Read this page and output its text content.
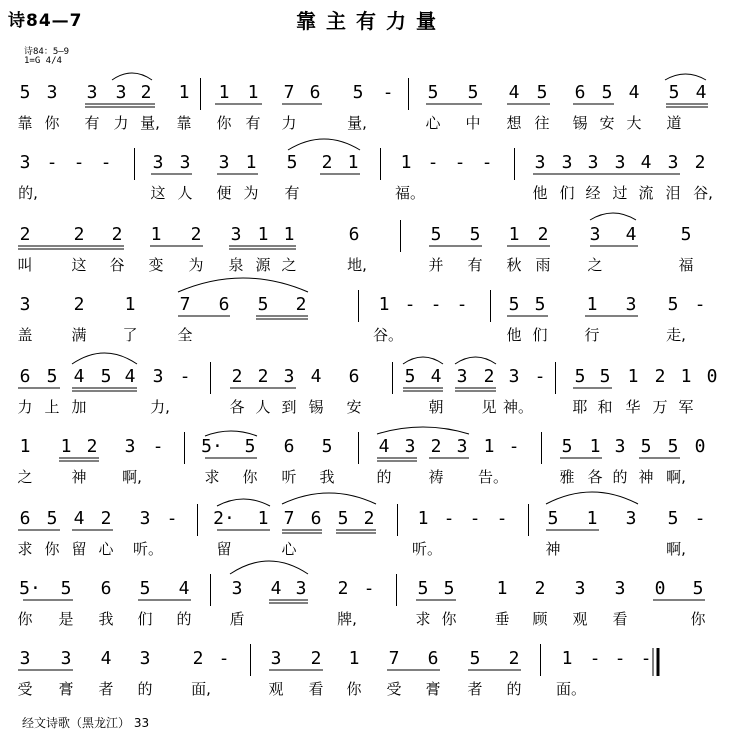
诗84—7	靠主有力量
诗84：5—9
1=G 4/4
5 3 3 3 2 1 1 1 7 6 5 - 5 5 4 5 6 5 4 5 4
靠 你 有 力 量, 靠 你 有 力	量,	心 中 想 往 锡 安 大 道
3 - - - 3 3 3 1 5 2 1 1 - - - 3 3 3 3 4 3 2
的,	这 人 便 为 有	福。	他 们 经 过 流 泪 谷,
2 2 2 1 2 3 1 1	6	5 5 1 2 3 4 5
叫	这 谷 变 为 泉 源 之	地,	并 有 秋 雨 之	福
3 2 1 7 6 5 2	1 - - - 5 5 1 3 5 -
盖	满 了	全	谷。	他 们 行	走,
6 5 4 5 4 3 - 2 2 3 4 6	5 4 3 2 3 - 5 5 1 2 1 0
力 上 加	力,	各 人 到 锡 安	朝	见 神。	耶 和 华 万 军
1 1 2 3 - 5· 5 6 5	4 3 2 3 1 - 5 1 3 5 5 0
之	神 啊,	求 你 听 我	的 祷 告。	雅 各 的 神 啊,
6 5 4 2 3 - 2· 1 7 6 5 2 1 - - - 5 1 3 5 -
求 你 留 心 听。	留	心	听。	神	啊,
5· 5 6 5 4 3 4 3 2 - 5 5 1 2 3 3 0 5
你 是 我 们 的	盾	牌,	求 你	垂 顾 观 看	你
3 3 4 3 2 - 3 2 1 7 6 5 2 1 - - -
受 膏 者 的	面,	观 看 你 受 膏 者 的 面。
经文诗歌（黑龙江） 33
